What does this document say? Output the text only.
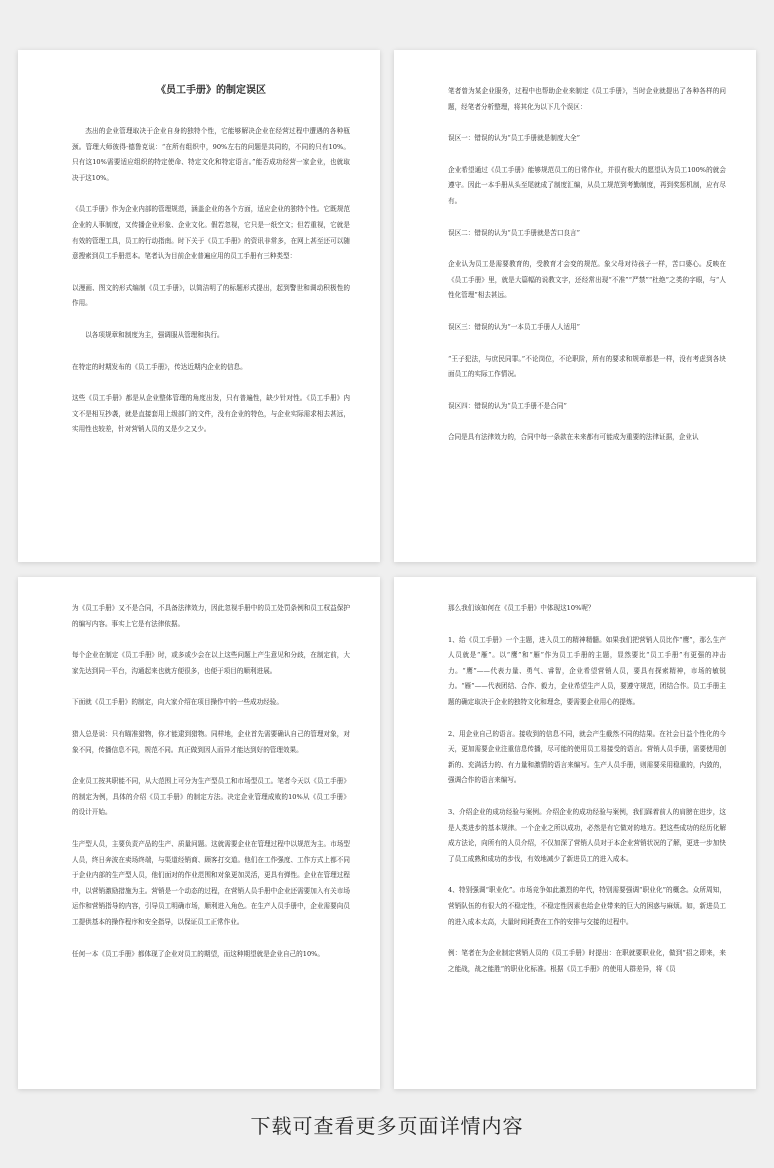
《员工手册》的制定误区

杰出的企业管理取决于企业自身的独特个性，它能够解决企业在经营过程中遭遇的各种瓶颈。管理大师彼得·德鲁克说：“在所有组织中，90%左右的问题是共同的，不同的只有10%。只有这10%需要适应组织的特定使命、特定文化和特定语言。”能否成功经营一家企业，也就取决于这10%。

《员工手册》作为企业内部的管理规范，涵盖企业的各个方面，适应企业的独特个性。它既规范企业的人事制度，又传播企业形象、企业文化。假若忽视，它只是一纸空文；但若重视，它就是有效的管理工具，员工的行动指南。时下关于《员工手册》的资讯非常多，在网上甚至还可以随意搜索到员工手册范本。笔者认为目前企业普遍应用的员工手册有三种类型：

以漫画、图文的形式编制《员工手册》，以简洁明了的标题形式提出，起到警世和调动积极性的作用。

以各项规章和制度为主，强调服从管理和执行。

在特定的时期发布的《员工手册》，传达近期内企业的信息。

这些《员工手册》都是从企业整体管理的角度出发，只有普遍性，缺少针对性。《员工手册》内文不是相互抄袭，就是直接套用上级部门的文件，没有企业的特色，与企业实际需求相去甚远，实用性也较差，针对营销人员的又是少之又少。

笔者曾为某企业服务，过程中也帮助企业来制定《员工手册》，当时企业就提出了各种各样的问题，经笔者分析整理，将其化为以下几个误区：

误区一：错误的认为“员工手册就是制度大全”

企业希望通过《员工手册》能够规范员工的日常作业，并很有极大的愿望认为员工100%的就会遵守。因此一本手册从头至尾就成了制度汇编，从员工规范到考勤制度，再到奖惩机制，应有尽有。

误区二：错误的认为“员工手册就是苦口良言”

企业认为员工是需要教育的，受教育才会变的规范。象父母对待孩子一样，苦口婆心。反映在《员工手册》里，就是大篇幅的说教文字，还经常出现“不准”“严禁”“杜绝”之类的字眼，与“人性化管理”相去甚远。

误区三：错误的认为“一本员工手册人人适用”

“王子犯法，与庶民同罪。”不论岗位，不论职阶，所有的要求和规章都是一样，没有考虑到各块面员工的实际工作情况。

误区四：错误的认为“员工手册不是合同”

合同是具有法律效力的，合同中每一条款在未来都有可能成为重要的法律证据，企业认

为《员工手册》又不是合同，不具备法律效力，因此忽视手册中的员工处罚条例和员工权益保护的编写内容。事实上它是有法律依据。

每个企业在制定《员工手册》时，或多或少会在以上这些问题上产生意见和分歧，在制定前，大家先达到同一平台，沟通起来也就方便很多，也便于项目的顺利进展。

下面就《员工手册》的制定，向大家介绍在项目操作中的一些成功经验。

猎人总是说：只有瞄准猎物，你才能逮到猎物。同样地，企业首先需要确认自己的管理对象，对象不同，传播信息不同，规范不同。真正做到因人而异才能达到好的管理效果。

企业员工按其职能不同，从大范围上可分为生产型员工和市场型员工。笔者今天以《员工手册》的制定为例，具体的介绍《员工手册》的制定方法。决定企业管理成败的10%从《员工手册》的设计开始。

生产型人员，主要负责产品的生产、质量问题。这就需要企业在管理过程中以规范为主。市场型人员，终日奔波在卖场终端，与渠道经销商、顾客打交道。他们在工作强度、工作方式上都不同于企业内部的生产型人员，他们面对的作业范围和对象更加灵活，更具有弹性。企业在管理过程中，以营销激励措施为主。营销是一个动态的过程，在营销人员手册中企业还需要加入有关市场运作和营销指导的内容，引导员工明确市场，顺利进入角色。在生产人员手册中，企业需要向员工提供基本的操作程序和安全指导，以保证员工正常作业。

任何一本《员工手册》都体现了企业对员工的期望，而这种期望就是企业自己的10%。

那么我们该如何在《员工手册》中体现这10%呢？

1、给《员工手册》一个主题，进入员工的精神精髓。如果我们把营销人员比作“鹰”，那么生产人员就是“雁”。以“鹰”和“雁”作为员工手册的主题，显然要比“员工手册”有更强的冲击力。“鹰”——代表力量、勇气、睿智，企业希望营销人员，要具有探索精神，市场的敏锐力。“雁”——代表团结、合作、毅力，企业希望生产人员，要遵守规范，团结合作。员工手册主题的确定取决于企业的独特文化和理念，要需要企业用心的提炼。

2、用企业自己的语言。接收到的信息不同，就会产生截然不同的结果。在社会日益个性化的今天，更加需要企业注重信息传播，尽可能的使用员工易接受的语言。营销人员手册，需要使用创新的、充满活力的、有力量和激情的语言来编写。生产人员手册，则需要采用稳重的，内敛的，强调合作的语言来编写。

3、介绍企业的成功经验与案例。介绍企业的成功经验与案例，我们踩着前人的肩膀在进步，这是人类进步的基本规律。一个企业之所以成功，必然是有它做对的地方。把这些成功的经历化解成方法论，向所有的人员介绍，不仅加深了营销人员对于本企业营销状况的了解，更进一步加快了员工成熟和成功的步伐，有效地减少了新进员工的进入成本。

4、特别强调“职业化”。市场竞争如此激烈的年代，特别需要强调“职业化”的概念。众所周知，营销队伍的有很大的不稳定性，不稳定性因素也给企业带来的巨大的困惑与麻烦。如，新进员工的进入成本太高，大量时间耗费在工作的安排与交接的过程中。

例：笔者在为企业制定营销人员的《员工手册》时提出：在职就要职业化，做到“招之即来，来之能战，战之能胜”的职业化标准。根据《员工手册》的使用人群差异，将《员

下载可查看更多页面详情内容
